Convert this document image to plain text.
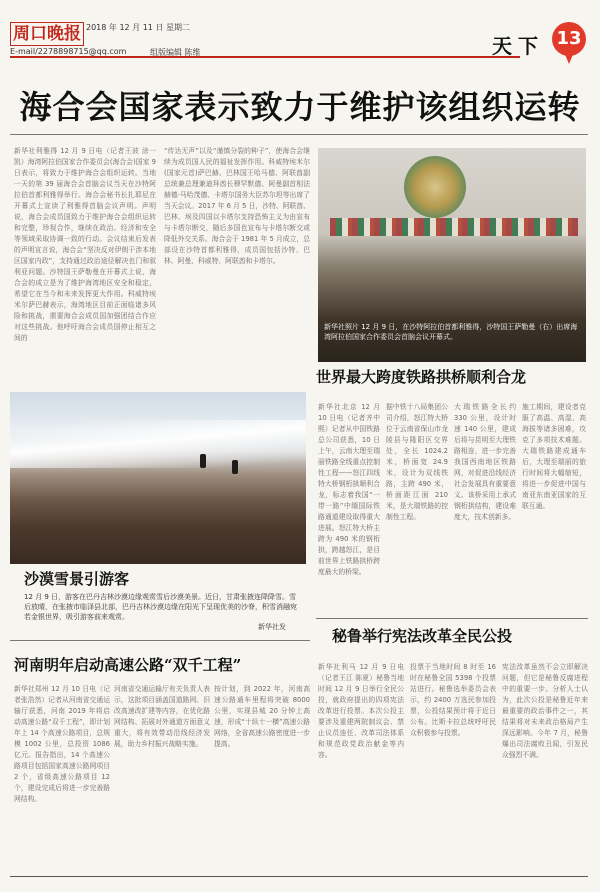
周口晚报 2018 年 12 月 11 日 星期二
E-mail/2278898715@qq.com	组版编辑 陈维	天下 13
海合会国家表示致力于维护该组织运转
新华社利雅得 12 月 9 日电（记者王波 涂一凯）海湾阿拉伯国家合作委员会(海合会)国家 9 日表示，将致力于维护海合会组织运转。当地一天的第 39 届海合会首脑会议当天在沙特阿拉伯首都利雅得举行。海合会秘书长扎耶尼在开幕式上宣读了利雅得首脑会议声明。声明说，海合会成员国致力于维护海合会组织运转和完整，珍视合作，继续在政治、经济和安全等领域采取协调一致的行动。会议结束后发表的声明宣言说，海合会“坚决反对伊朗干涉本地区国家内政”，支持通过政治途径解决也门和叙利亚问题。沙特国王萨勒曼在开幕式上说，海合会的成立是为了维护海湾地区安全和稳定，希望它在当今和未来发挥更大作用。科威特埃米尔萨巴赫表示，海湾地区目前正面临诸多风险和挑战，需要海合会成员国加强团结合作应对这些挑战。他呼吁海合会成员国停止相互之间的
“传达无声”以及“谨慎分裂的种子”，使海合会继续为成员国人民的福祉发挥作用。科威特埃米尔(国家元首)萨巴赫、巴林国王哈马德、阿联酋副总统兼总理兼迪拜酋长穆罕默德、阿曼副首相法赫德·马哈茂德、卡塔尔国务大臣苏尔坦等出席了当天会议。2017 年 6 月 5 日，沙特、阿联酋、巴林、埃及四国以卡塔尔支持恐怖主义为由宣布与卡塔尔断交，随后多国也宣布与卡塔尔断交或降低外交关系。海合会于 1981 年 5 月成立，总部设在沙特首都利雅得，成员国包括沙特、巴林、阿曼、科威特、阿联酋和卡塔尔。
新华社照片 12 月 9 日，在沙特阿拉伯首都利雅得，沙特国王萨勒曼（右）出席海湾阿拉伯国家合作委员会首脑会议开幕式。
世界最大跨度铁路拱桥顺利合龙
新华社北京 12 月 10 日电（记者齐中熙）记者从中国铁路总公司获悉，10 日上午，云南大理至瑞丽铁路全线重点控制性工程——怒江四线特大桥钢桁拱顺利合龙，标志着我国“一带一路”中缅国际铁路通道建设取得重大进展。怒江特大桥主跨为 490 米的钢桁拱，跨越怒江，是目前世界上铁路拱桥跨度最大的桥梁。
据中铁十八局集团公司介绍，怒江特大桥位于云南省保山市龙陵县与隆阳区交界处，全长 1024.2 米，桥面宽 24.9 米，设计为双线铁路，主跨 490 米，桥面距江面 210 米，是大瑞铁路的控制性工程。
大瑞铁路全长约 330 公里，设计时速 140 公里，建成后将与昆明至大理铁路相连，进一步完善我国西南地区铁路网，对促进沿线经济社会发展具有重要意义。该桥采用上承式钢桁拱结构，建设难度大，技术创新多。
施工期间，建设者克服了高温、高湿、高海拔等诸多困难，攻克了多项技术难题。大瑞铁路建成通车后，大理至瑞丽的旅行时间将大幅缩短，将进一步促进中国与南亚东南亚国家的互联互通。
沙漠雪景引游客
12 月 9 日，游客在巴丹吉林沙漠边缘观赏雪后沙漠美景。近日，甘肃张掖连降降雪。雪后放晴，在张掖市临泽县北部，巴丹吉林沙漠边缘在阳光下呈现优美的沙脊，积雪消融宛若金银世界，吸引游客前来观赏。
新华社发
河南明年启动高速公路“双千工程”
新华社郑州 12 月 10 日电（记者张浩然）记者从河南省交通运输厅获悉，河南 2019 年将启动高速公路“双千工程”，即计划年上 14 个高速公路项目，总规模 1002 公里，总投资 1086 亿元。报告指出，14 个高速公路项目包括国家高速公路网项目 2 个，省级高速公路项目 12 个，建设完成后将进一步完善路网结构。
河南省交通运输厅有关负责人表示，这批项目涵盖国道路网、旧改高速改扩建等内容，在优化路网结构、拓展对外通道方面意义重大，将有效带动沿线经济发展，助力乡村振兴战略实施。
按计划，到 2022 年，河南高速公路通车里程将突破 8000 公里，实现县城 20 分钟上高速，形成“十纵十一横”高速公路网络，全省高速公路密度进一步提高。
秘鲁举行宪法改革全民公投
新华社利马 12 月 9 日电（记者王江 陈夏）秘鲁当地时间 12 月 9 日举行全民公投，就政府提出的四项宪法改革进行投票。本次公投主要涉及重建两院制议会、禁止议员连任、改革司法体系和规范政党政治献金等内容。
投票于当地时间 8 时至 16 时在秘鲁全国 5398 个投票站进行。秘鲁选举委员会表示，约 2400 万选民参加投票，公投结果预计将于近日公布。比斯卡拉总统呼吁民众积极参与投票。
宪法改革虽然不会立即解决问题，但它是秘鲁反腐进程中的重要一步。分析人士认为，此次公投是秘鲁近年来最重要的政治事件之一，其结果将对未来政治格局产生深远影响。今年 7 月，秘鲁爆出司法腐败丑闻，引发民众强烈不满。
